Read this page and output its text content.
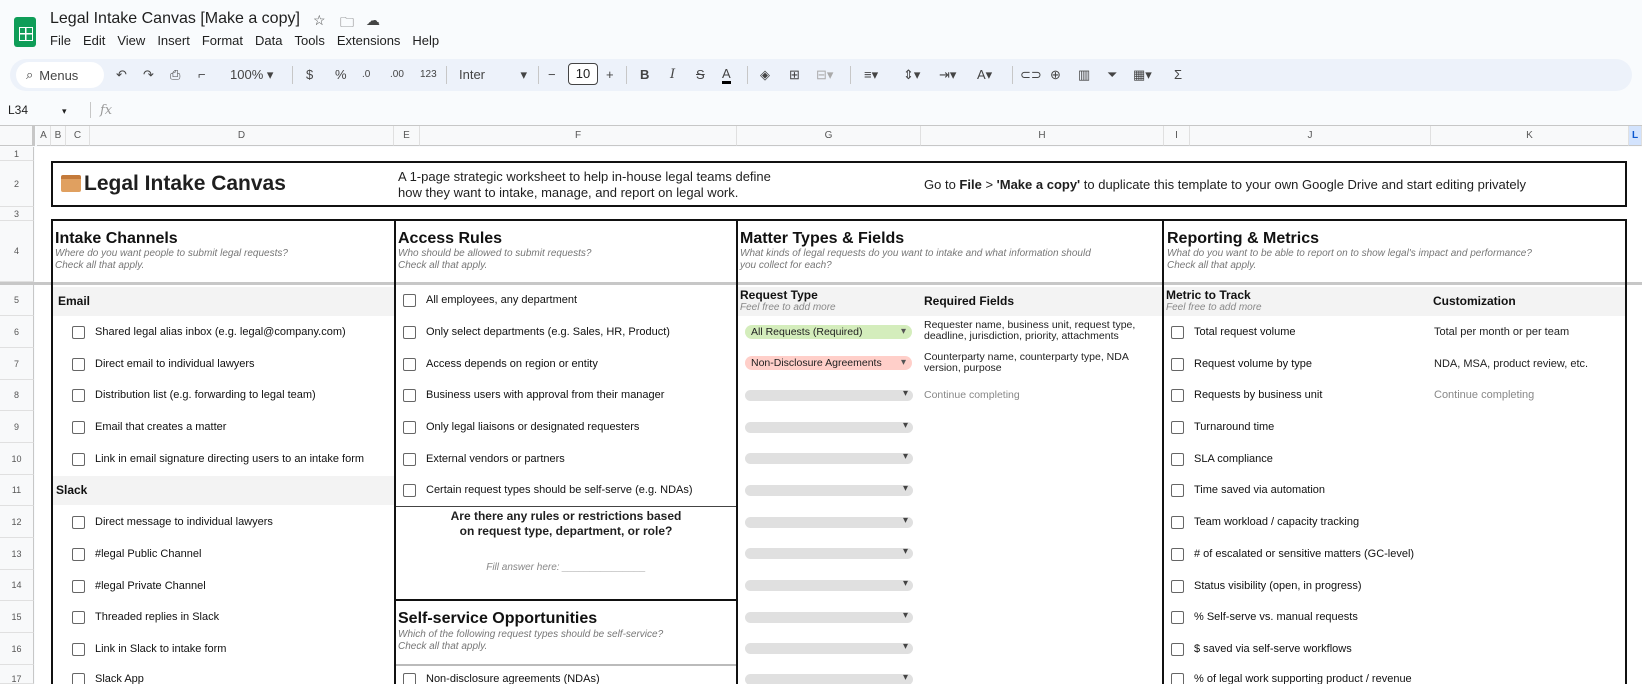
Legal Intake Canvas [Make a copy] ☆ 🗀 ☁
File Edit View Insert Format Data Tools Extensions Help
⌕ Menus	↶ ↷ ⎙ ⌐ 100% ▾	$ % .0 .00 123 Inter	▾ −	10	+ B I S A ◈ ⊞ ⊟▾ ≡▾ ⇕▾ ⇥▾ A▾ ⊂⊃ ⊕ ▥ ⏷ ▦▾ Σ
L34	▾	fx
A B	C	D	E	F	G	H	I	J	K	L
1
2
3
4
5
6
7
8
9
10
11
12
13
14
15
16
17
Legal Intake Canvas	A 1-page strategic worksheet to help in-house legal teams define
how they want to intake, manage, and report on legal work.
Go to File > 'Make a copy' to duplicate this template to your own Google Drive and start editing privately
Intake Channels
Where do you want people to submit legal requests?
Check all that apply.
Access Rules
Who should be allowed to submit requests?
Check all that apply.
Matter Types & Fields
What kinds of legal requests do you want to intake and what information should
you collect for each?
Reporting & Metrics
What do you want to be able to report on to show legal's impact and performance?
Check all that apply.
Email
Shared legal alias inbox (e.g. legal@company.com)
Direct email to individual lawyers
Distribution list (e.g. forwarding to legal team)
Email that creates a matter
Link in email signature directing users to an intake form
Slack
Direct message to individual lawyers
#legal Public Channel
#legal Private Channel
Threaded replies in Slack
Link in Slack to intake form
Slack App
All employees, any department
Only select departments (e.g. Sales, HR, Product)
Access depends on region or entity
Business users with approval from their manager
Only legal liaisons or designated requesters
External vendors or partners
Certain request types should be self-serve (e.g. NDAs)
Are there any rules or restrictions based
on request type, department, or role?
Fill answer here: _______________
Self-service Opportunities
Which of the following request types should be self-service?
Check all that apply.
Non-disclosure agreements (NDAs)
Request Type
Feel free to add more	Required Fields
All Requests (Required) ▾
Non-Disclosure Agreements ▾
Requester name, business unit, request type, deadline, jurisdiction, priority, attachments
Counterparty name, counterparty type, NDA version, purpose
Continue completing
▾
▾
▾
▾
▾
▾
▾
▾
▾
▾
Metric to Track
Feel free to add more	Customization
Total request volume
Request volume by type
Requests by business unit
Turnaround time
SLA compliance
Time saved via automation
Team workload / capacity tracking
# of escalated or sensitive matters (GC-level)
Status visibility (open, in progress)
% Self-serve vs. manual requests
$ saved via self-serve workflows
% of legal work supporting product / revenue
Total per month or per team
NDA, MSA, product review, etc.
Continue completing
